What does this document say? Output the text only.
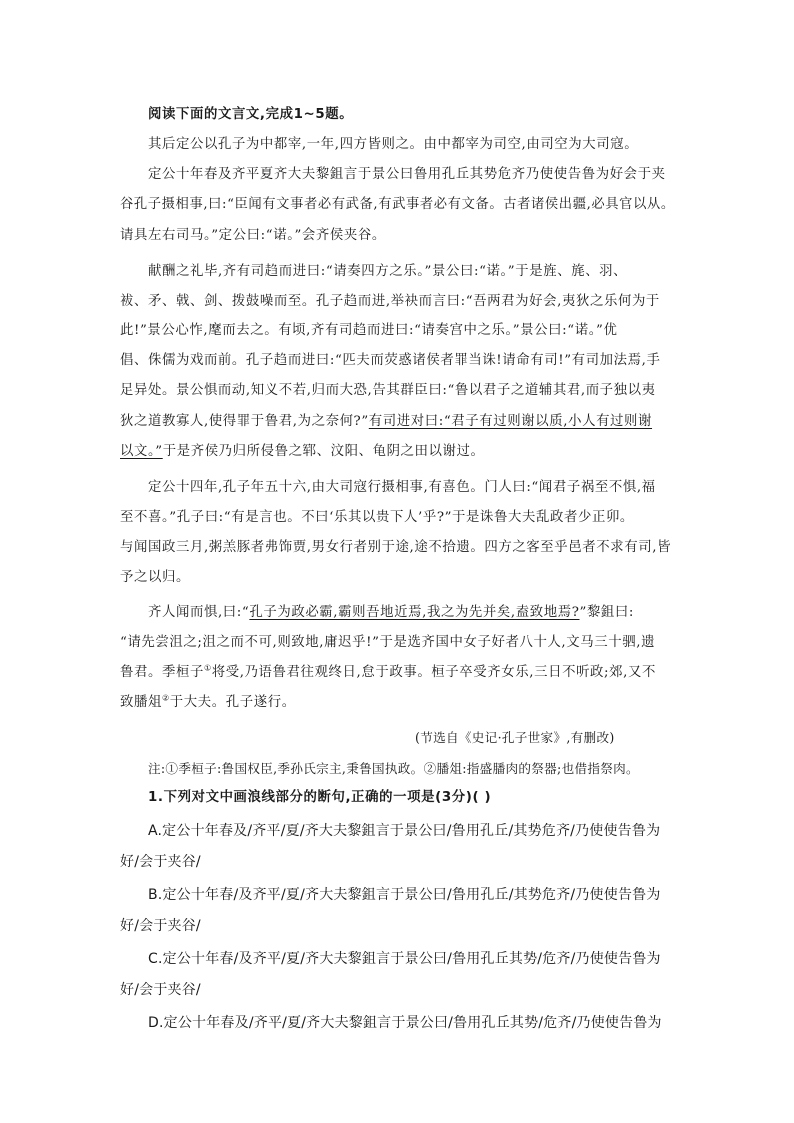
阅读下面的文言文,完成1~5题。
其后定公以孔子为中都宰,一年,四方皆则之。由中都宰为司空,由司空为大司寇。
定公十年春及齐平夏齐大夫黎鉏言于景公曰鲁用孔丘其势危齐乃使使告鲁为好会于夹
谷孔子摄相事,曰:“臣闻有文事者必有武备,有武事者必有文备。古者诸侯出疆,必具官以从。
请具左右司马。”定公曰:“诺。”会齐侯夹谷。
献酬之礼毕,齐有司趋而进曰:“请奏四方之乐。”景公曰:“诺。”于是旌、旄、羽、
袚、矛、戟、剑、拨鼓噪而至。孔子趋而进,举袂而言曰:“吾两君为好会,夷狄之乐何为于
此!”景公心怍,麾而去之。有顷,齐有司趋而进曰:“请奏宫中之乐。”景公曰:“诺。”优
倡、侏儒为戏而前。孔子趋而进曰:“匹夫而荧惑诸侯者罪当诛!请命有司!”有司加法焉,手
足异处。景公惧而动,知义不若,归而大恐,告其群臣曰:“鲁以君子之道辅其君,而子独以夷
狄之道教寡人,使得罪于鲁君,为之奈何?”有司进对曰:“君子有过则谢以质,小人有过则谢
以文。”于是齐侯乃归所侵鲁之郓、汶阳、龟阴之田以谢过。
定公十四年,孔子年五十六,由大司寇行摄相事,有喜色。门人曰:“闻君子祸至不惧,福
至不喜。”孔子曰:“有是言也。不曰‘乐其以贵下人’乎?”于是诛鲁大夫乱政者少正卯。
与闻国政三月,粥羔豚者弗饰贾,男女行者别于途,途不拾遗。四方之客至乎邑者不求有司,皆
予之以归。
齐人闻而惧,曰:“孔子为政必霸,霸则吾地近焉,我之为先并矣,盍致地焉?”黎鉏曰:
“请先尝沮之;沮之而不可,则致地,庸迟乎!”于是选齐国中女子好者八十人,文马三十驷,遗
鲁君。季桓子①将受,乃语鲁君往观终日,怠于政事。桓子卒受齐女乐,三日不听政;郊,又不
致膰俎②于大夫。孔子遂行。
(节选自《史记·孔子世家》,有删改)
注:①季桓子:鲁国权臣,季孙氏宗主,秉鲁国执政。②膰俎:指盛膰肉的祭器;也借指祭肉。
1.下列对文中画浪线部分的断句,正确的一项是(3分)( )
A.定公十年春及/齐平/夏/齐大夫黎鉏言于景公曰/鲁用孔丘/其势危齐/乃使使告鲁为
好/会于夹谷/
B.定公十年春/及齐平/夏/齐大夫黎鉏言于景公曰/鲁用孔丘/其势危齐/乃使使告鲁为
好/会于夹谷/
C.定公十年春/及齐平/夏/齐大夫黎鉏言于景公曰/鲁用孔丘其势/危齐/乃使使告鲁为
好/会于夹谷/
D.定公十年春及/齐平/夏/齐大夫黎鉏言于景公曰/鲁用孔丘其势/危齐/乃使使告鲁为
